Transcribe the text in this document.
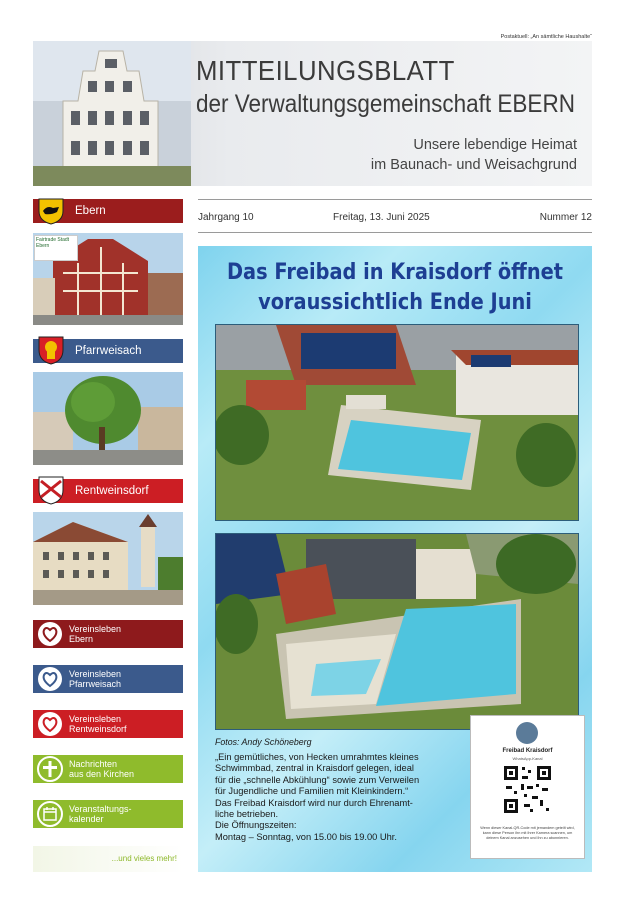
Postaktuell: „An sämtliche Haushalte“
MITTEILUNGSBLATT
der Verwaltungsgemeinschaft EBERN
Unsere lebendige Heimat
im Baunach- und Weisachgrund
Jahrgang 10	Freitag, 13. Juni 2025	Nummer 12
Ebern
Fairtrade Stadt Ebern
Pfarrweisach
Rentweinsdorf
Vereinsleben
Ebern
Vereinsleben
Pfarrweisach
Vereinsleben
Rentweinsdorf
Nachrichten
aus den Kirchen
Veranstaltungs-
kalender
...und vieles mehr!
Das Freibad in Kraisdorf öffnet
voraussichtlich Ende Juni
Fotos: Andy Schöneberg
„Ein gemütliches, von Hecken umrahmtes kleines
Schwimmbad, zentral in Kraisdorf gelegen, ideal
für die „schnelle Abkühlung“ sowie zum Verweilen
für Jugendliche und Familien mit Kleinkindern.“
Das Freibad Kraisdorf wird nur durch Ehrenamt-
liche betrieben.
Die Öffnungszeiten:
Montag – Sonntag, von 15.00 bis 19.00 Uhr.
Freibad Kraisdorf
WhatsApp-Kanal
Wenn dieser Kanal-QR-Code mit jemandem geteilt wird, kann diese Person ihn mit ihrer Kamera scannen, um deinem Kanal anzusehen und ihn zu abonnieren.
